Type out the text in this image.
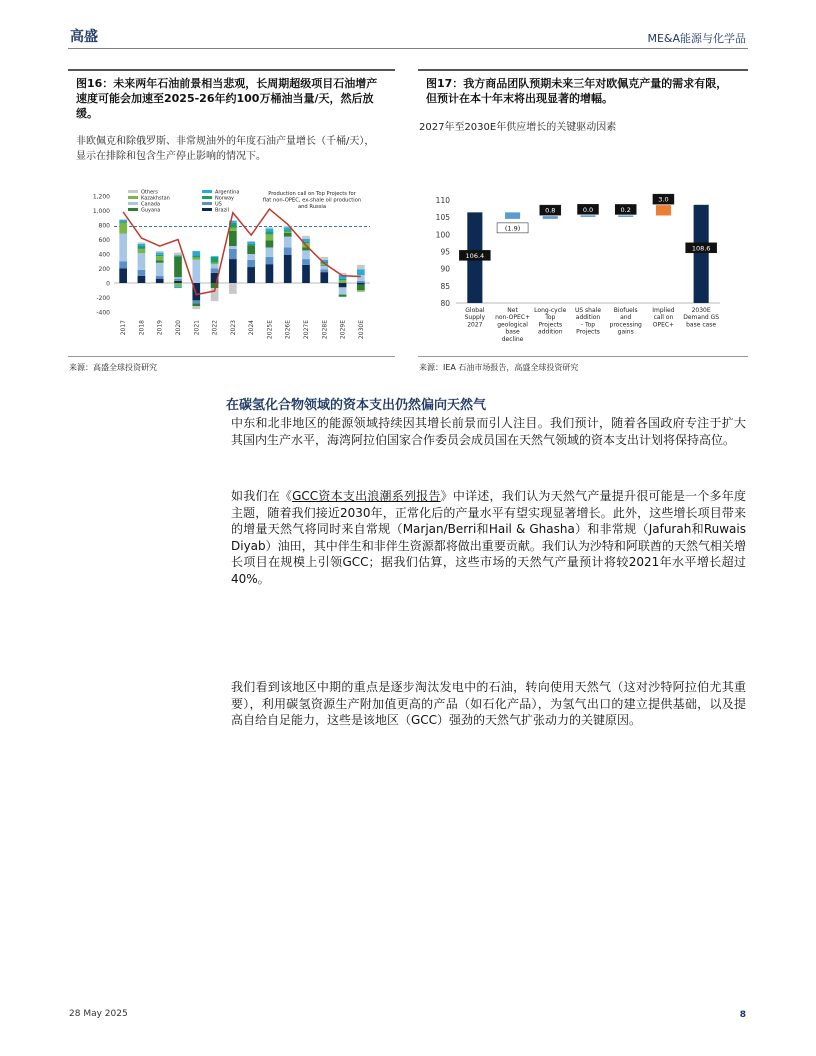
高盛	ME&A能源与化学品
图16：未来两年石油前景相当悲观，长周期超级项目石油增产速度可能会加速至2025-26年约100万桶油当量/天，然后放缓。
非欧佩克和除俄罗斯、非常规油外的年度石油产量增长（千桶/天），显示在排除和包含生产停止影响的情况下。
1,200
1,000
800
600
400
200
0
-200
-400
2017 2018 2019 2020 2021 2022 2023 2024 2025E 2026E 2027E 2028E 2029E 2030E
Others	Argentina
Kazakhstan	Norway
Canada	US
Guyana	Brazil
Production call on Top Projects for
flat non-OPEC, ex-shale oil production
and Russia
来源：高盛全球投资研究
图17：我方商品团队预期未来三年对欧佩克产量的需求有限，但预计在本十年末将出现显著的增幅。
2027年至2030E年供应增长的关键驱动因素
110
105
100
95
90
85
80
106.4
Global
Supply
2027
(1.9)
Net
non-OPEC+
geological
base
decline
0.8
Long-cycle
Top
Projects
addition
0.0
US shale
addition
- Top
Projects
0.2
Biofuels
and
processing
gains
3.0
Implied
call on
OPEC+
108.6
2030E
Demand GS
base case
来源：IEA 石油市场报告，高盛全球投资研究
在碳氢化合物领域的资本支出仍然偏向天然气
中东和北非地区的能源领域持续因其增长前景而引人注目。我们预计，随着各国政府专注于扩大其国内生产水平，海湾阿拉伯国家合作委员会成员国在天然气领域的资本支出计划将保持高位。
如我们在《GCC资本支出浪潮系列报告》中详述，我们认为天然气产量提升很可能是一个多年度主题，随着我们接近2030年，正常化后的产量水平有望实现显著增长。此外，这些增长项目带来的增量天然气将同时来自常规（Marjan/Berri和Hail & Ghasha）和非常规（Jafurah和Ruwais Diyab）油田，其中伴生和非伴生资源都将做出重要贡献。我们认为沙特和阿联酋的天然气相关增长项目在规模上引领GCC；据我们估算，这些市场的天然气产量预计将较2021年水平增长超过40%。
我们看到该地区中期的重点是逐步淘汰发电中的石油，转向使用天然气（这对沙特阿拉伯尤其重要），利用碳氢资源生产附加值更高的产品（如石化产品），为氢气出口的建立提供基础，以及提高自给自足能力，这些是该地区（GCC）强劲的天然气扩张动力的关键原因。
28 May 2025	8
